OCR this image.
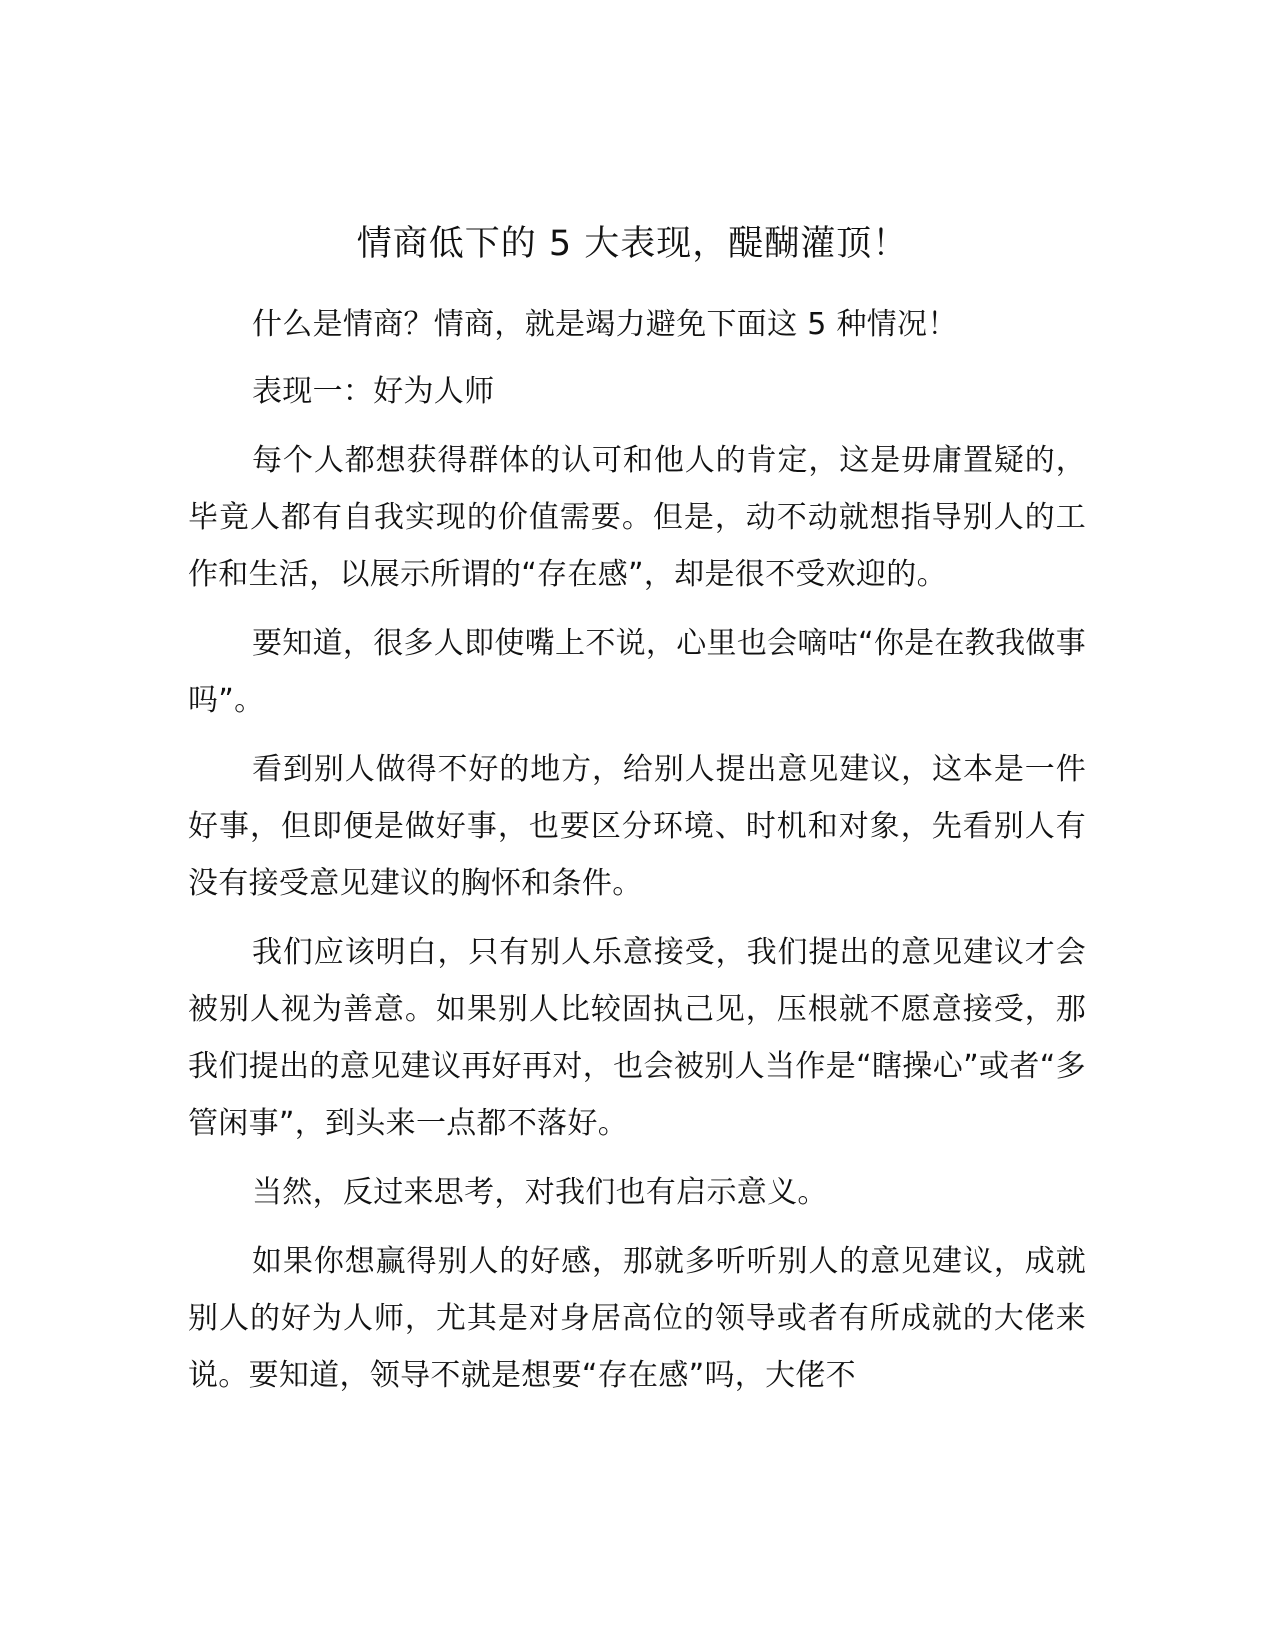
情商低下的 5 大表现，醍醐灌顶！

什么是情商？情商，就是竭力避免下面这 5 种情况！

表现一：好为人师

每个人都想获得群体的认可和他人的肯定，这是毋庸置疑的，毕竟人都有自我实现的价值需要。但是，动不动就想指导别人的工作和生活，以展示所谓的“存在感”，却是很不受欢迎的。

要知道，很多人即使嘴上不说，心里也会嘀咕“你是在教我做事吗”。

看到别人做得不好的地方，给别人提出意见建议，这本是一件好事，但即便是做好事，也要区分环境、时机和对象，先看别人有没有接受意见建议的胸怀和条件。

我们应该明白，只有别人乐意接受，我们提出的意见建议才会被别人视为善意。如果别人比较固执己见，压根就不愿意接受，那我们提出的意见建议再好再对，也会被别人当作是“瞎操心”或者“多管闲事”，到头来一点都不落好。

当然，反过来思考，对我们也有启示意义。

如果你想赢得别人的好感，那就多听听别人的意见建议，成就别人的好为人师，尤其是对身居高位的领导或者有所成就的大佬来说。要知道，领导不就是想要“存在感”吗，大佬不
